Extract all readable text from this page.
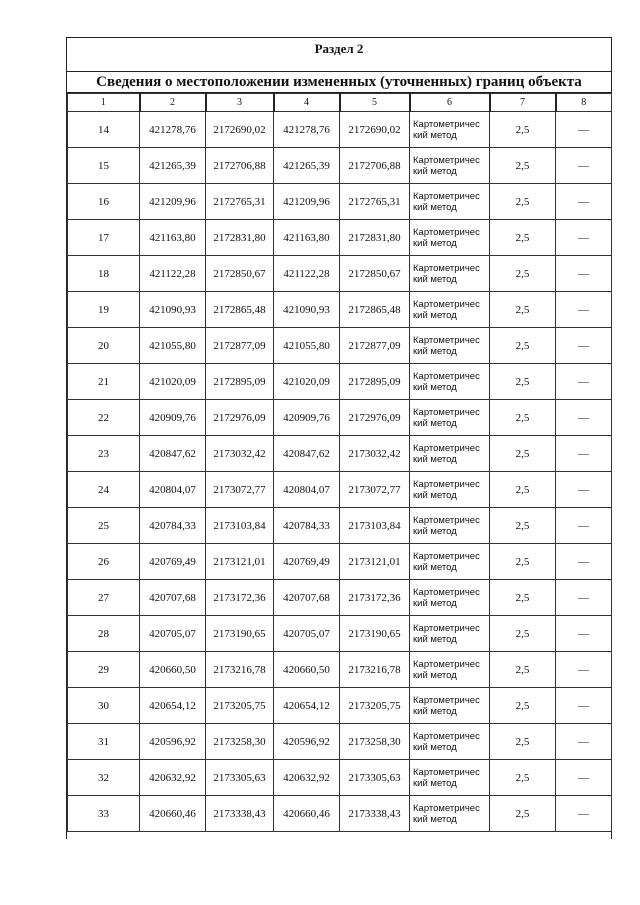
Раздел 2
Сведения о местоположении измененных (уточненных) границ объекта
1	2	3	4	5	6	7	8
14	421278,76	2172690,02	421278,76	2172690,02	Картометричес кий метод	2,5	—
15	421265,39	2172706,88	421265,39	2172706,88	Картометричес кий метод	2,5	—
16	421209,96	2172765,31	421209,96	2172765,31	Картометричес кий метод	2,5	—
17	421163,80	2172831,80	421163,80	2172831,80	Картометричес кий метод	2,5	—
18	421122,28	2172850,67	421122,28	2172850,67	Картометричес кий метод	2,5	—
19	421090,93	2172865,48	421090,93	2172865,48	Картометричес кий метод	2,5	—
20	421055,80	2172877,09	421055,80	2172877,09	Картометричес кий метод	2,5	—
21	421020,09	2172895,09	421020,09	2172895,09	Картометричес кий метод	2,5	—
22	420909,76	2172976,09	420909,76	2172976,09	Картометричес кий метод	2,5	—
23	420847,62	2173032,42	420847,62	2173032,42	Картометричес кий метод	2,5	—
24	420804,07	2173072,77	420804,07	2173072,77	Картометричес кий метод	2,5	—
25	420784,33	2173103,84	420784,33	2173103,84	Картометричес кий метод	2,5	—
26	420769,49	2173121,01	420769,49	2173121,01	Картометричес кий метод	2,5	—
27	420707,68	2173172,36	420707,68	2173172,36	Картометричес кий метод	2,5	—
28	420705,07	2173190,65	420705,07	2173190,65	Картометричес кий метод	2,5	—
29	420660,50	2173216,78	420660,50	2173216,78	Картометричес кий метод	2,5	—
30	420654,12	2173205,75	420654,12	2173205,75	Картометричес кий метод	2,5	—
31	420596,92	2173258,30	420596,92	2173258,30	Картометричес кий метод	2,5	—
32	420632,92	2173305,63	420632,92	2173305,63	Картометричес кий метод	2,5	—
33	420660,46	2173338,43	420660,46	2173338,43	Картометричес кий метод	2,5	—
